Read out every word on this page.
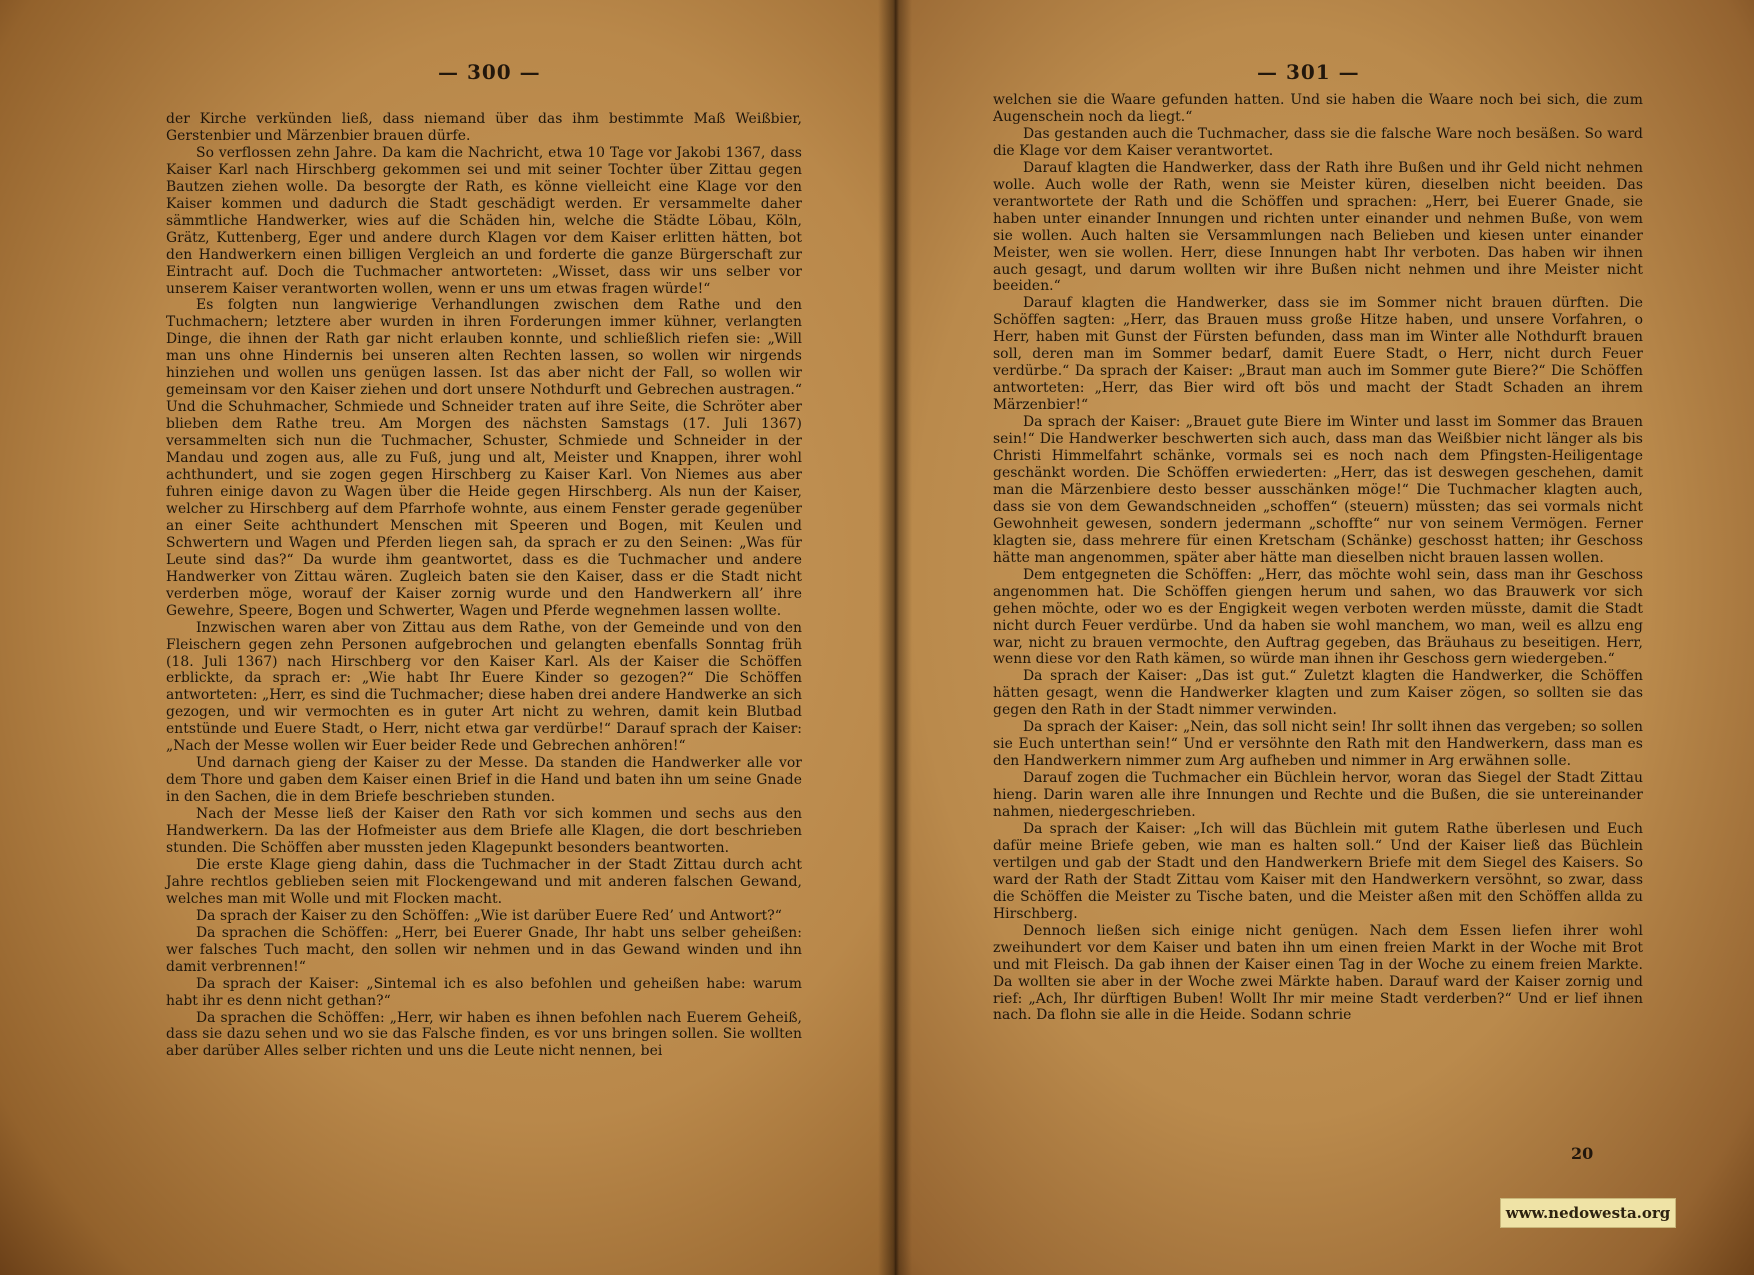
— 300 —

der Kirche verkünden ließ, dass niemand über das ihm bestimmte Maß Weißbier, Gerstenbier und Märzenbier brauen dürfe.

So verflossen zehn Jahre. Da kam die Nachricht, etwa 10 Tage vor Jakobi 1367, dass Kaiser Karl nach Hirschberg gekommen sei und mit seiner Tochter über Zittau gegen Bautzen ziehen wolle. Da besorgte der Rath, es könne vielleicht eine Klage vor den Kaiser kommen und dadurch die Stadt geschädigt werden. Er versammelte daher sämmtliche Handwerker, wies auf die Schäden hin, welche die Städte Löbau, Köln, Grätz, Kuttenberg, Eger und andere durch Klagen vor dem Kaiser erlitten hätten, bot den Handwerkern einen billigen Vergleich an und forderte die ganze Bürgerschaft zur Eintracht auf. Doch die Tuchmacher antworteten: „Wisset, dass wir uns selber vor unserem Kaiser verantworten wollen, wenn er uns um etwas fragen würde!“

Es folgten nun langwierige Verhandlungen zwischen dem Rathe und den Tuchmachern; letztere aber wurden in ihren Forderungen immer kühner, verlangten Dinge, die ihnen der Rath gar nicht erlauben konnte, und schließlich riefen sie: „Will man uns ohne Hindernis bei unseren alten Rechten lassen, so wollen wir nirgends hinziehen und wollen uns genügen lassen. Ist das aber nicht der Fall, so wollen wir gemeinsam vor den Kaiser ziehen und dort unsere Nothdurft und Gebrechen austragen.“ Und die Schuhmacher, Schmiede und Schneider traten auf ihre Seite, die Schröter aber blieben dem Rathe treu. Am Morgen des nächsten Samstags (17. Juli 1367) versammelten sich nun die Tuchmacher, Schuster, Schmiede und Schneider in der Mandau und zogen aus, alle zu Fuß, jung und alt, Meister und Knappen, ihrer wohl achthundert, und sie zogen gegen Hirschberg zu Kaiser Karl. Von Niemes aus aber fuhren einige davon zu Wagen über die Heide gegen Hirschberg. Als nun der Kaiser, welcher zu Hirschberg auf dem Pfarrhofe wohnte, aus einem Fenster gerade gegenüber an einer Seite achthundert Menschen mit Speeren und Bogen, mit Keulen und Schwertern und Wagen und Pferden liegen sah, da sprach er zu den Seinen: „Was für Leute sind das?“ Da wurde ihm geantwortet, dass es die Tuchmacher und andere Handwerker von Zittau wären. Zugleich baten sie den Kaiser, dass er die Stadt nicht verderben möge, worauf der Kaiser zornig wurde und den Handwerkern all’ ihre Gewehre, Speere, Bogen und Schwerter, Wagen und Pferde wegnehmen lassen wollte.

Inzwischen waren aber von Zittau aus dem Rathe, von der Gemeinde und von den Fleischern gegen zehn Personen aufgebrochen und gelangten ebenfalls Sonntag früh (18. Juli 1367) nach Hirschberg vor den Kaiser Karl. Als der Kaiser die Schöffen erblickte, da sprach er: „Wie habt Ihr Euere Kinder so gezogen?“ Die Schöffen antworteten: „Herr, es sind die Tuchmacher; diese haben drei andere Handwerke an sich gezogen, und wir vermochten es in guter Art nicht zu wehren, damit kein Blutbad entstünde und Euere Stadt, o Herr, nicht etwa gar verdürbe!“ Darauf sprach der Kaiser: „Nach der Messe wollen wir Euer beider Rede und Gebrechen anhören!“

Und darnach gieng der Kaiser zu der Messe. Da standen die Handwerker alle vor dem Thore und gaben dem Kaiser einen Brief in die Hand und baten ihn um seine Gnade in den Sachen, die in dem Briefe beschrieben stunden.

Nach der Messe ließ der Kaiser den Rath vor sich kommen und sechs aus den Handwerkern. Da las der Hofmeister aus dem Briefe alle Klagen, die dort beschrieben stunden. Die Schöffen aber mussten jeden Klagepunkt besonders beantworten.

Die erste Klage gieng dahin, dass die Tuchmacher in der Stadt Zittau durch acht Jahre rechtlos geblieben seien mit Flockengewand und mit anderen falschen Gewand, welches man mit Wolle und mit Flocken macht.

Da sprach der Kaiser zu den Schöffen: „Wie ist darüber Euere Red’ und Antwort?“

Da sprachen die Schöffen: „Herr, bei Euerer Gnade, Ihr habt uns selber geheißen: wer falsches Tuch macht, den sollen wir nehmen und in das Gewand winden und ihn damit verbrennen!“

Da sprach der Kaiser: „Sintemal ich es also befohlen und geheißen habe: warum habt ihr es denn nicht gethan?“

Da sprachen die Schöffen: „Herr, wir haben es ihnen befohlen nach Euerem Geheiß, dass sie dazu sehen und wo sie das Falsche finden, es vor uns bringen sollen. Sie wollten aber darüber Alles selber richten und uns die Leute nicht nennen, bei

— 301 —

welchen sie die Waare gefunden hatten. Und sie haben die Waare noch bei sich, die zum Augenschein noch da liegt.“

Das gestanden auch die Tuchmacher, dass sie die falsche Ware noch besäßen. So ward die Klage vor dem Kaiser verantwortet.

Darauf klagten die Handwerker, dass der Rath ihre Bußen und ihr Geld nicht nehmen wolle. Auch wolle der Rath, wenn sie Meister küren, dieselben nicht beeiden. Das verantwortete der Rath und die Schöffen und sprachen: „Herr, bei Euerer Gnade, sie haben unter einander Innungen und richten unter einander und nehmen Buße, von wem sie wollen. Auch halten sie Versammlungen nach Belieben und kiesen unter einander Meister, wen sie wollen. Herr, diese Innungen habt Ihr verboten. Das haben wir ihnen auch gesagt, und darum wollten wir ihre Bußen nicht nehmen und ihre Meister nicht beeiden.“

Darauf klagten die Handwerker, dass sie im Sommer nicht brauen dürften. Die Schöffen sagten: „Herr, das Brauen muss große Hitze haben, und unsere Vorfahren, o Herr, haben mit Gunst der Fürsten befunden, dass man im Winter alle Nothdurft brauen soll, deren man im Sommer bedarf, damit Euere Stadt, o Herr, nicht durch Feuer verdürbe.“ Da sprach der Kaiser: „Braut man auch im Sommer gute Biere?“ Die Schöffen antworteten: „Herr, das Bier wird oft bös und macht der Stadt Schaden an ihrem Märzenbier!“

Da sprach der Kaiser: „Brauet gute Biere im Winter und lasst im Sommer das Brauen sein!“ Die Handwerker beschwerten sich auch, dass man das Weißbier nicht länger als bis Christi Himmelfahrt schänke, vormals sei es noch nach dem Pfingsten-Heiligentage geschänkt worden. Die Schöffen erwiederten: „Herr, das ist deswegen geschehen, damit man die Märzenbiere desto besser ausschänken möge!“ Die Tuchmacher klagten auch, dass sie von dem Gewandschneiden „schoffen“ (steuern) müssten; das sei vormals nicht Gewohnheit gewesen, sondern jedermann „schoffte“ nur von seinem Vermögen. Ferner klagten sie, dass mehrere für einen Kretscham (Schänke) geschosst hatten; ihr Geschoss hätte man angenommen, später aber hätte man dieselben nicht brauen lassen wollen.

Dem entgegneten die Schöffen: „Herr, das möchte wohl sein, dass man ihr Geschoss angenommen hat. Die Schöffen giengen herum und sahen, wo das Brauwerk vor sich gehen möchte, oder wo es der Engigkeit wegen verboten werden müsste, damit die Stadt nicht durch Feuer verdürbe. Und da haben sie wohl manchem, wo man, weil es allzu eng war, nicht zu brauen vermochte, den Auftrag gegeben, das Bräuhaus zu beseitigen. Herr, wenn diese vor den Rath kämen, so würde man ihnen ihr Geschoss gern wiedergeben.“

Da sprach der Kaiser: „Das ist gut.“ Zuletzt klagten die Handwerker, die Schöffen hätten gesagt, wenn die Handwerker klagten und zum Kaiser zögen, so sollten sie das gegen den Rath in der Stadt nimmer verwinden.

Da sprach der Kaiser: „Nein, das soll nicht sein! Ihr sollt ihnen das vergeben; so sollen sie Euch unterthan sein!“ Und er versöhnte den Rath mit den Handwerkern, dass man es den Handwerkern nimmer zum Arg aufheben und nimmer in Arg erwähnen solle.

Darauf zogen die Tuchmacher ein Büchlein hervor, woran das Siegel der Stadt Zittau hieng. Darin waren alle ihre Innungen und Rechte und die Bußen, die sie untereinander nahmen, niedergeschrieben.

Da sprach der Kaiser: „Ich will das Büchlein mit gutem Rathe überlesen und Euch dafür meine Briefe geben, wie man es halten soll.“ Und der Kaiser ließ das Büchlein vertilgen und gab der Stadt und den Handwerkern Briefe mit dem Siegel des Kaisers. So ward der Rath der Stadt Zittau vom Kaiser mit den Handwerkern versöhnt, so zwar, dass die Schöffen die Meister zu Tische baten, und die Meister aßen mit den Schöffen allda zu Hirschberg.

Dennoch ließen sich einige nicht genügen. Nach dem Essen liefen ihrer wohl zweihundert vor dem Kaiser und baten ihn um einen freien Markt in der Woche mit Brot und mit Fleisch. Da gab ihnen der Kaiser einen Tag in der Woche zu einem freien Markte. Da wollten sie aber in der Woche zwei Märkte haben. Darauf ward der Kaiser zornig und rief: „Ach, Ihr dürftigen Buben! Wollt Ihr mir meine Stadt verderben?“ Und er lief ihnen nach. Da flohn sie alle in die Heide. Sodann schrie

20
www.nedowesta.org
